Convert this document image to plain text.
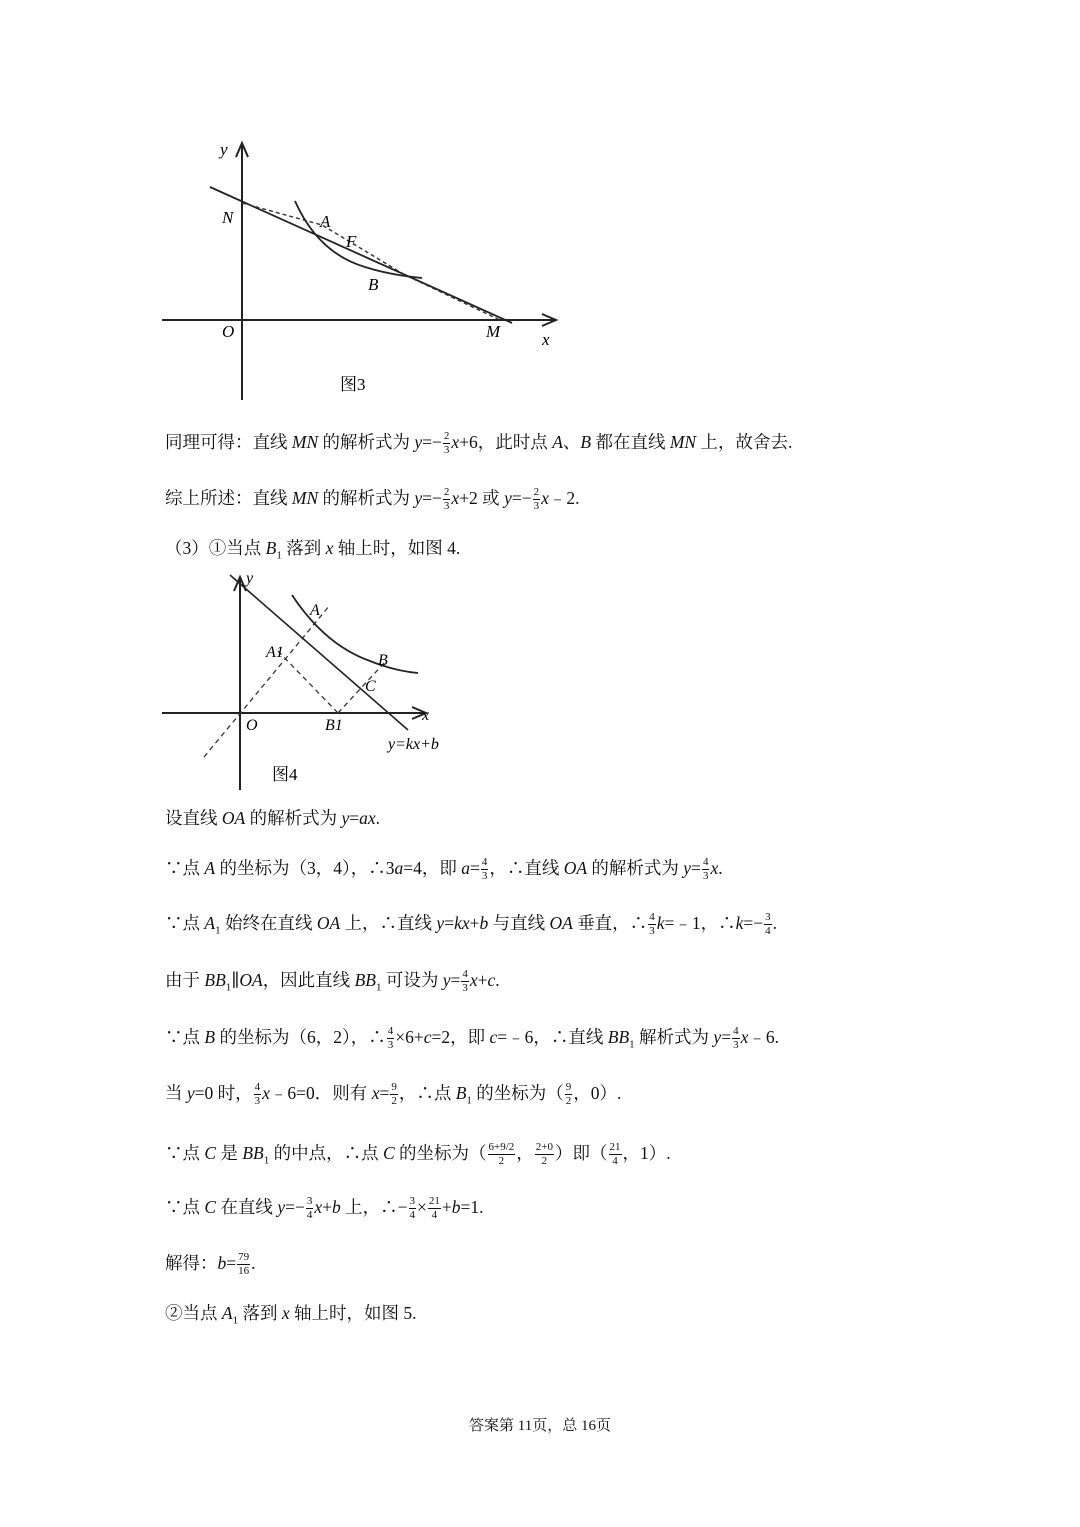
y
x
N	A
F
B
O	M
图3
y
x
A
A1	B
C
O	B1
y=kx+b
图4
同理可得：直线 MN 的解析式为 $y=- \frac{2}{3} x+6$，此时点 A、B 都在直线 MN 上，故舍去.
综上所述：直线 MN 的解析式为 $y=- \frac{2}{3} x+2$ 或 $y=- \frac{2}{3}$ x﹣2.
（3）①当点 $B_1$ 落到 x 轴上时，如图 4.
设直线 OA 的解析式为 y=ax.
∵点 A 的坐标为（3，4），∴3a=4，即 $a= \frac{4}{3}$ ，∴直线 OA 的解析式为 $y= \frac{4}{3} x$.
∵点 $A_1$ 始终在直线 OA 上，∴直线 y=kx+b 与直线 OA 垂直，∴ $\frac{4}{3}$ k=﹣1，∴k=− $\frac{3}{4}$ .
由于 $BB_1\parallel OA$，因此直线 $BB_1$ 可设为 $y= \frac{4}{3} x+c$.
∵点 B 的坐标为（6，2），∴ $\frac{4}{3} \times 6+c=2$，即 c=﹣6，∴直线 $BB_1$ 解析式为 $y= \frac{4}{3}$ x﹣6.
当 y=0 时， $\frac{4}{3}$ x﹣6=0．则有 $x= \frac{9}{2}$ ，∴点 $B_1$ 的坐标为（ $\frac{9}{2}$ ，0）.
∵点 C 是 $BB_1$ 的中点，∴点 C 的坐标为（ $\frac{6+9/2}{2}$ ， $\frac{2+0}{2}$ ）即（ $\frac{21}{4}$ ，1）.
∵点 C 在直线 $y=- \frac{3}{4} x+b$ 上，∴− $\frac{3}{4} \times \frac{21}{4} +b=1$.
解得：$b= \frac{79}{16}$ .
②当点 $A_1$ 落到 x 轴上时，如图 5.
答案第 11页，总 16页
